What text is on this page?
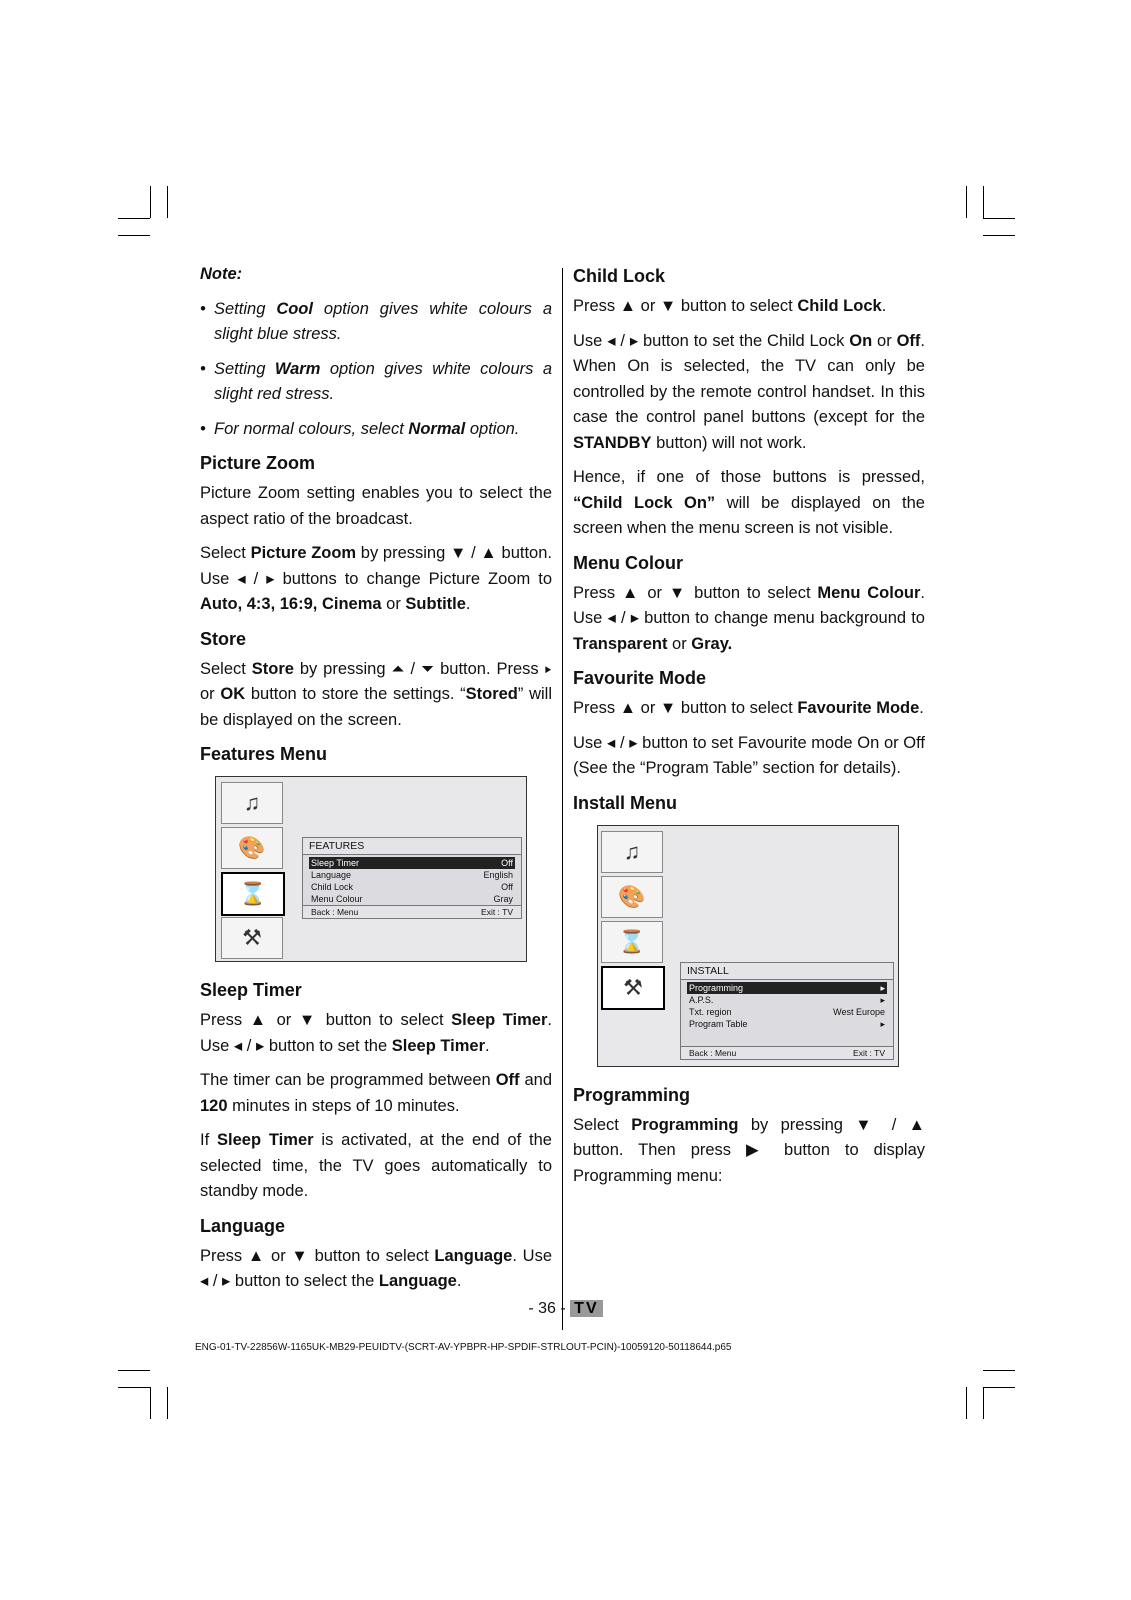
Note:

• Setting Cool option gives white colours a slight blue stress.

• Setting Warm option gives white colours a slight red stress.

• For normal colours, select Normal option.

Picture Zoom

Picture Zoom setting enables you to select the aspect ratio of the broadcast.

Select Picture Zoom by pressing ▼ / ▲ button. Use ◂ / ▸ buttons to change Picture Zoom to Auto, 4:3, 16:9, Cinema or Subtitle.

Store

Select Store by pressing ⏶ / ⏷ button. Press ▸ or OK button to store the settings. “Stored” will be displayed on the screen.

Features Menu
♫
🎨
⌛
⚒
FEATURES
Sleep Timer	Off
Language	English
Child Lock	Off
Menu Colour	Gray
Back : Menu	Exit : TV
Sleep Timer

Press ▲ or ▼ button to select Sleep Timer. Use ◂ / ▸ button to set the Sleep Timer.

The timer can be programmed between Off and 120 minutes in steps of 10 minutes.

If Sleep Timer is activated, at the end of the selected time, the TV goes automatically to standby mode.

Language

Press ▲ or ▼ button to select Language. Use ◂ / ▸ button to select the Language.

Child Lock

Press ▲ or ▼ button to select Child Lock.

Use ◂ / ▸ button to set the Child Lock On or Off. When On is selected, the TV can only be controlled by the remote control handset. In this case the control panel buttons (except for the STANDBY button) will not work.

Hence, if one of those buttons is pressed, “Child Lock On” will be displayed on the screen when the menu screen is not visible.

Menu Colour

Press ▲ or ▼ button to select Menu Colour. Use ◂ / ▸ button to change menu background to Transparent or Gray.

Favourite Mode

Press ▲ or ▼ button to select Favourite Mode.

Use ◂ / ▸ button to set Favourite mode On or Off (See the “Program Table” section for details).

Install Menu
♫
🎨
⌛
⚒
INSTALL
Programming	▸
A.P.S.	▸
Txt. region	West Europe
Program Table	▸
Back : Menu	Exit : TV
Programming

Select Programming by pressing ▼ / ▲ button. Then press ▶ button to display Programming menu:

- 36 - TV
ENG-01-TV-22856W-1165UK-MB29-PEUIDTV-(SCRT-AV-YPBPR-HP-SPDIF-STRLOUT-PCIN)-10059120-50118644.p65
